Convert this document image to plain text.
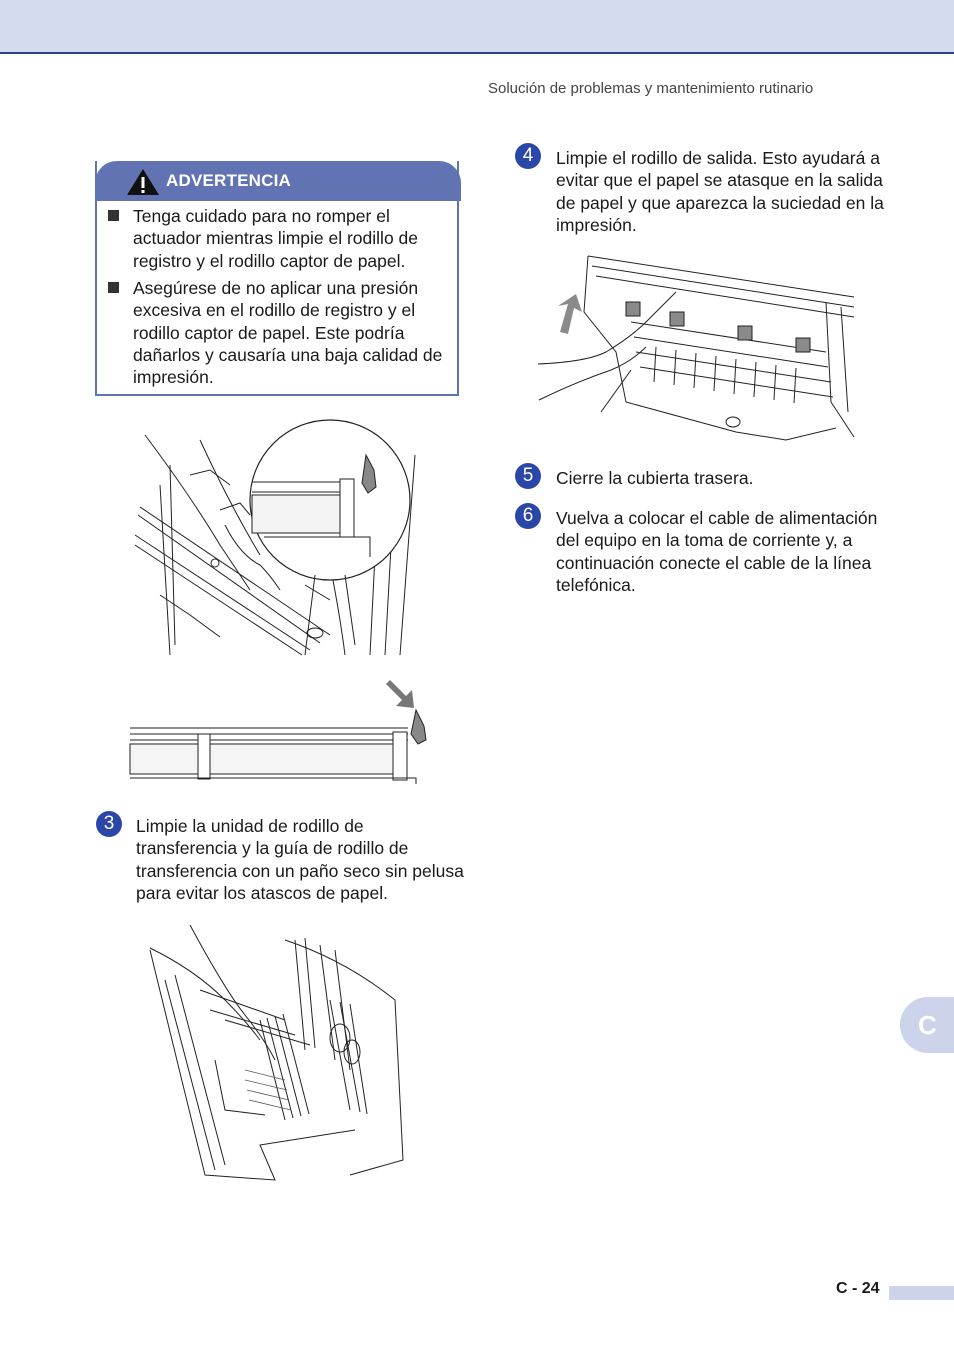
Solución de problemas y mantenimiento rutinario
ADVERTENCIA
Tenga cuidado para no romper el actuador mientras limpie el rodillo de registro y el rodillo captor de papel.
Asegúrese de no aplicar una presión excesiva en el rodillo de registro y el rodillo captor de papel. Este podría dañarlos y causaría una baja calidad de impresión.
3	Limpie la unidad de rodillo de transferencia y la guía de rodillo de transferencia con un paño seco sin pelusa para evitar los atascos de papel.
4	Limpie el rodillo de salida. Esto ayudará a evitar que el papel se atasque en la salida de papel y que aparezca la suciedad en la impresión.
5	Cierre la cubierta trasera.
6	Vuelva a colocar el cable de alimentación del equipo en la toma de corriente y, a continuación conecte el cable de la línea telefónica.
C
C - 24
